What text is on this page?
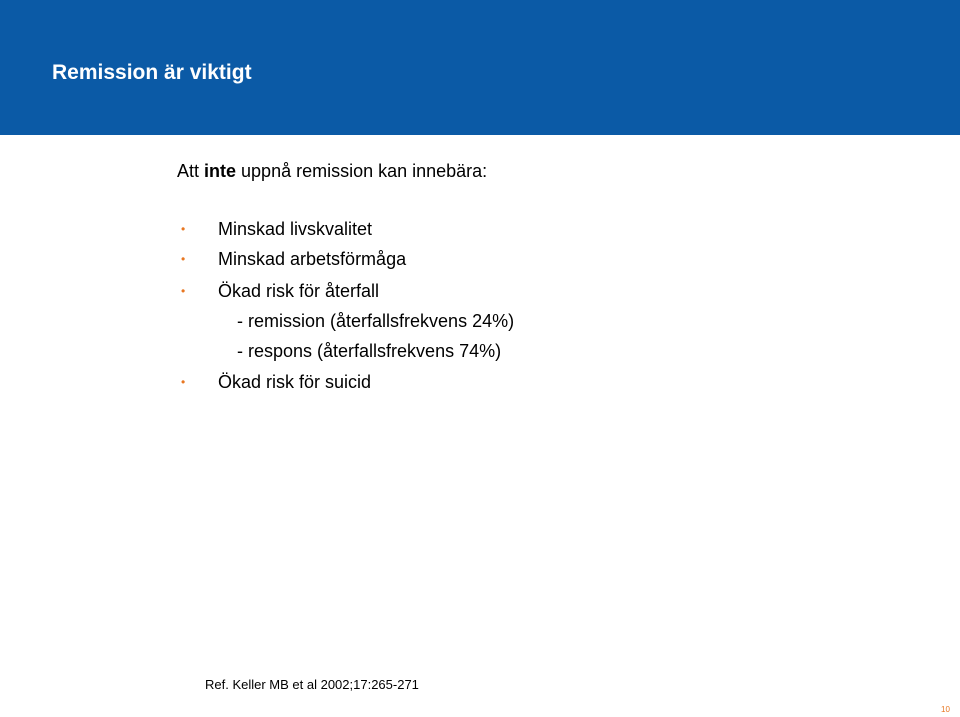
Remission är viktigt
Att inte uppnå remission kan innebära:
• Minskad livskvalitet
• Minskad arbetsförmåga
• Ökad risk för återfall
- remission (återfallsfrekvens 24%)
- respons (återfallsfrekvens 74%)
• Ökad risk för suicid
Ref. Keller MB et al 2002;17:265-271
10
